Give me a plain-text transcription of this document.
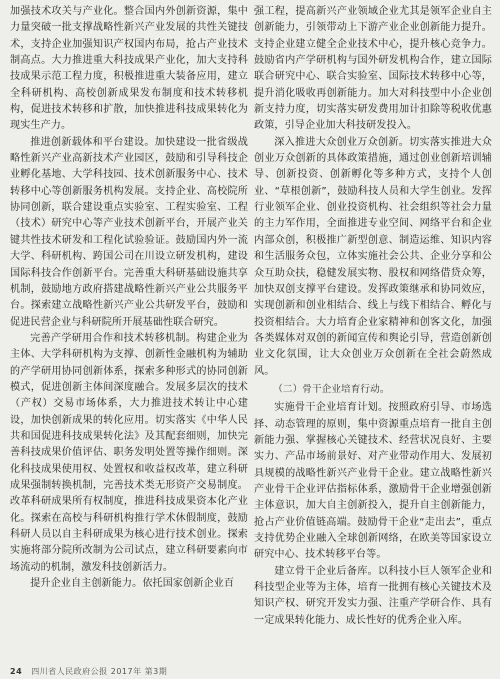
加强技术攻关与产业化。整合国内外创新资源，集中力量突破一批支撑战略性新兴产业发展的共性关键技术，支持企业加强知识产权国内布局，抢占产业技术制高点。大力推进重大科技成果产业化，加大支持科技成果示范工程力度，积极推进重大装备应用，建立全科研机构、高校创新成果发布制度和技术转移机构，促进技术转移和扩散，加快推进科技成果转化为现实生产力。

推进创新载体和平台建设。加快建设一批省级战略性新兴产业高新技术产业园区，鼓励和引导科技企业孵化基地、大学科技园、技术创新服务中心、技术转移中心等创新服务机构发展。支持企业、高校院所协同创新，联合建设重点实验室、工程实验室、工程（技术）研究中心等产业技术创新平台，开展产业关键共性技术研发和工程化试验验证。鼓励国内外一流大学、科研机构、跨国公司在川设立研发机构，建设国际科技合作创新平台。完善重大科研基础设施共享机制，鼓励地方政府搭建战略性新兴产业公共服务平台。探索建立战略性新兴产业公共研发平台，鼓励和促进民营企业与科研院所开展基础性联合研究。

完善产学研用合作和技术转移机制。构建企业为主体、大学科研机构为支撑、创新性金融机构为辅助的产学研用协同创新体系，探索多种形式的协同创新模式，促进创新主体间深度融合。发展多层次的技术（产权）交易市场体系，大力推进技术转让中心建设，加快创新成果的转化应用。切实落实《中华人民共和国促进科技成果转化法》及其配套细则，加快完善科技成果价值评估、职务发明处置等操作细则。深化科技成果使用权、处置权和收益权改革，建立科研成果强制转换机制，完善技术类无形资产交易制度。改革科研成果所有权制度，推进科技成果资本化产业化。探索在高校与科研机构推行学术休假制度，鼓励科研人员以自主科研成果为核心进行技术创业。探索实施将部分院所改制为公司试点，建立科研要素向市场流动的机制，激发科技创新活力。

提升企业自主创新能力。依托国家创新企业百

强工程，提高新兴产业领域企业尤其是领军企业自主创新能力，引领带动上下游产业企业创新能力提升。支持企业建立健全企业技术中心，提升核心竞争力。鼓励省内产学研机构与国外研发机构合作，建立国际联合研究中心、联合实验室、国际技术转移中心等，提升消化吸收再创新能力。加大对科技型中小企业创新支持力度，切实落实研发费用加计扣除等税收优惠政策，引导企业加大科技研发投入。

深入推进大众创业万众创新。切实落实推进大众创业万众创新的具体政策措施，通过创业创新培训辅导、创新投资、创新孵化等多种方式，支持个人创业、“草根创新”，鼓励科技人员和大学生创业。发挥行业领军企业、创业投资机构、社会组织等社会力量的主力军作用，全面推进专业空间、网络平台和企业内部众创，积极推广新型创意、制造运维、知识内容和生活服务众包，立体实施社会公共、企业分享和公众互助众扶，稳健发展实物、股权和网络借贷众筹，加快双创支撑平台建设。发挥政策继承和协同效应，实现创新和创业相结合、线上与线下相结合、孵化与投资相结合。大力培育企业家精神和创客文化，加强各类媒体对双创的新闻宣传和舆论引导，营造创新创业文化氛围，让大众创业万众创新在全社会蔚然成风。

（二）骨干企业培育行动。

实施骨干企业培育计划。按照政府引导、市场选择、动态管理的原则，集中资源重点培育一批自主创新能力强、掌握核心关键技术、经营状况良好、主要实力、产品市场前景好、对产业带动作用大、发展初具规模的战略性新兴产业骨干企业。建立战略性新兴产业骨干企业评估指标体系，激励骨干企业增强创新主体意识，加大自主创新投入，提升自主创新能力，抢占产业价值链高端。鼓励骨干企业“走出去”，重点支持优势企业融入全球创新网络，在欧美等国家设立研究中心、技术转移平台等。

建立骨干企业后备库。以科技小巨人领军企业和科技型企业等为主体，培育一批拥有核心关键技术及知识产权、研究开发实力强、注重产学研合作、具有一定成果转化能力、成长性好的优秀企业入库。

24 四川省人民政府公报 2017年 第3期
